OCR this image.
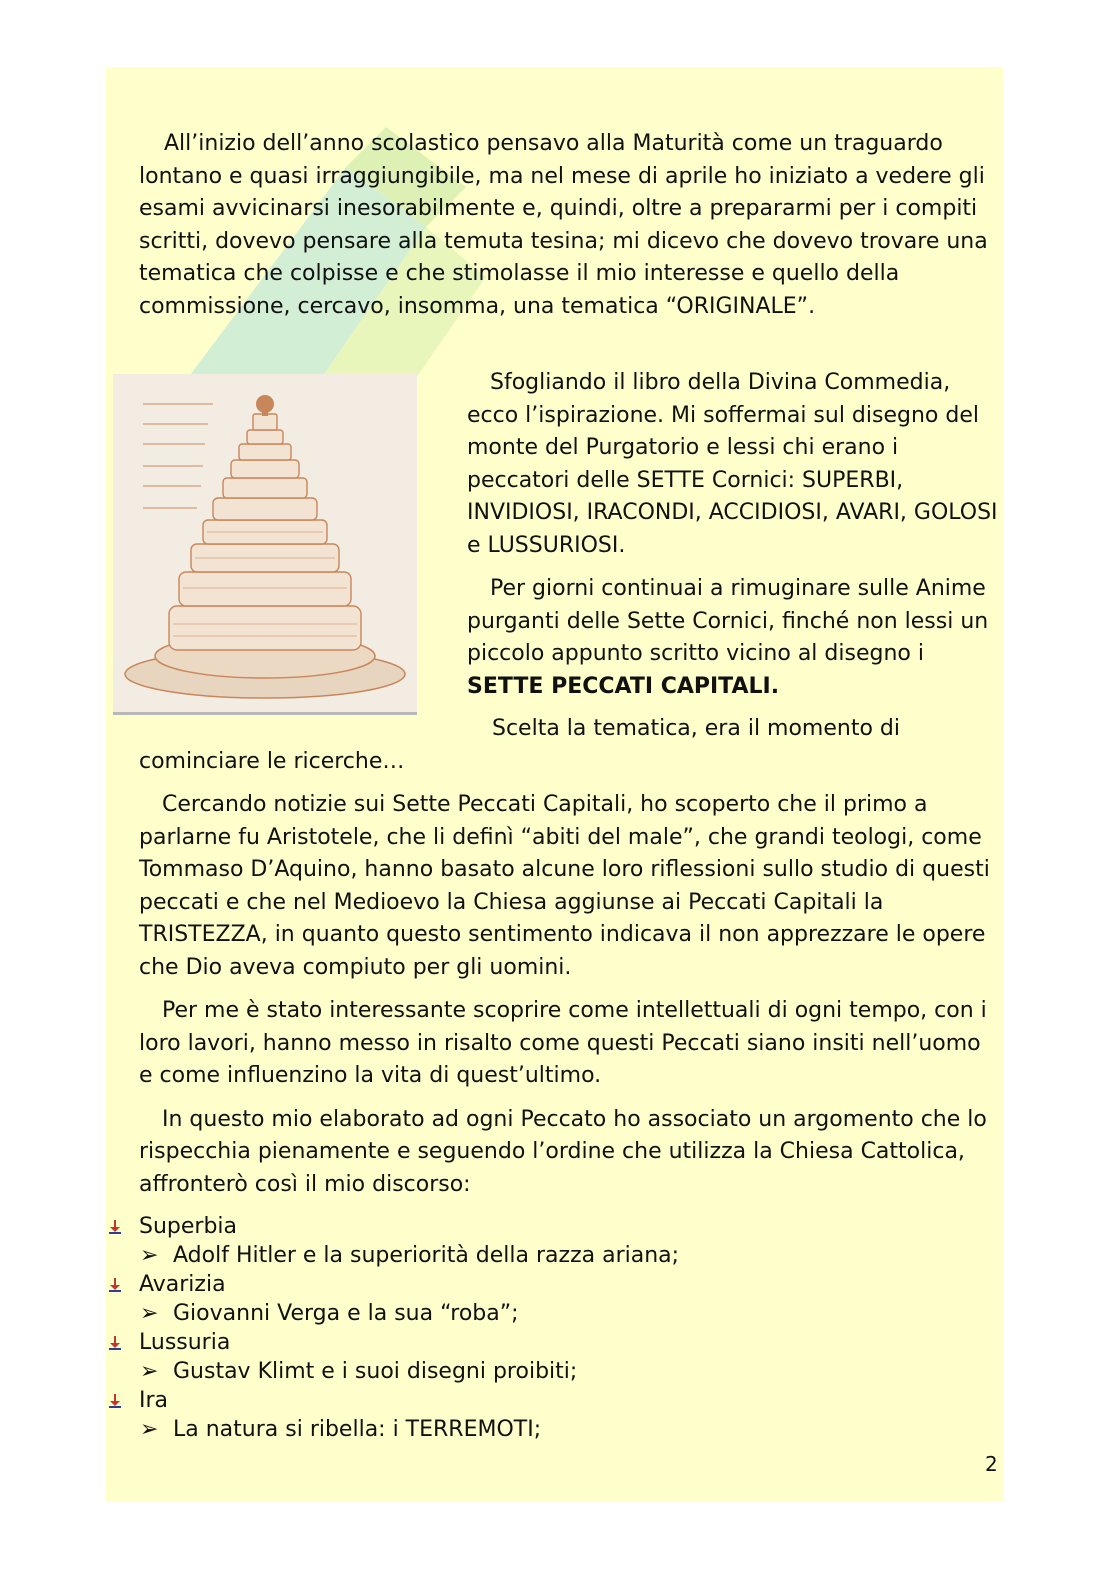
All’inizio dell’anno scolastico pensavo alla Maturità come un traguardo lontano e quasi irraggiungibile, ma nel mese di aprile ho iniziato a vedere gli esami avvicinarsi inesorabilmente e, quindi, oltre a prepararmi per i compiti scritti, dovevo pensare alla temuta tesina; mi dicevo che dovevo trovare una tematica che colpisse e che stimolasse il mio interesse e quello della commissione, cercavo, insomma, una tematica “ORIGINALE”.

Sfogliando il libro della Divina Commedia, ecco l’ispirazione. Mi soffermai sul disegno del monte del Purgatorio e lessi chi erano i peccatori delle SETTE Cornici: SUPERBI, INVIDIOSI, IRACONDI, ACCIDIOSI, AVARI, GOLOSI e LUSSURIOSI.

Per giorni continuai a rimuginare sulle Anime purganti delle Sette Cornici, finché non lessi un piccolo appunto scritto vicino al disegno i SETTE PECCATI CAPITALI.

Scelta la tematica, era il momento di cominciare le ricerche…

Cercando notizie sui Sette Peccati Capitali, ho scoperto che il primo a parlarne fu Aristotele, che li definì “abiti del male”, che grandi teologi, come Tommaso D’Aquino, hanno basato alcune loro riflessioni sullo studio di questi peccati e che nel Medioevo la Chiesa aggiunse ai Peccati Capitali la TRISTEZZA, in quanto questo sentimento indicava il non apprezzare le opere che Dio aveva compiuto per gli uomini.

Per me è stato interessante scoprire come intellettuali di ogni tempo, con i loro lavori, hanno messo in risalto come questi Peccati siano insiti nell’uomo e come influenzino la vita di quest’ultimo.

In questo mio elaborato ad ogni Peccato ho associato un argomento che lo rispecchia pienamente e seguendo l’ordine che utilizza la Chiesa Cattolica, affronterò così il mio discorso:

Superbia
➢ Adolf Hitler e la superiorità della razza ariana;
Avarizia
➢ Giovanni Verga e la sua “roba”;
Lussuria
➢ Gustav Klimt e i suoi disegni proibiti;
Ira
➢ La natura si ribella: i TERREMOTI;
2
